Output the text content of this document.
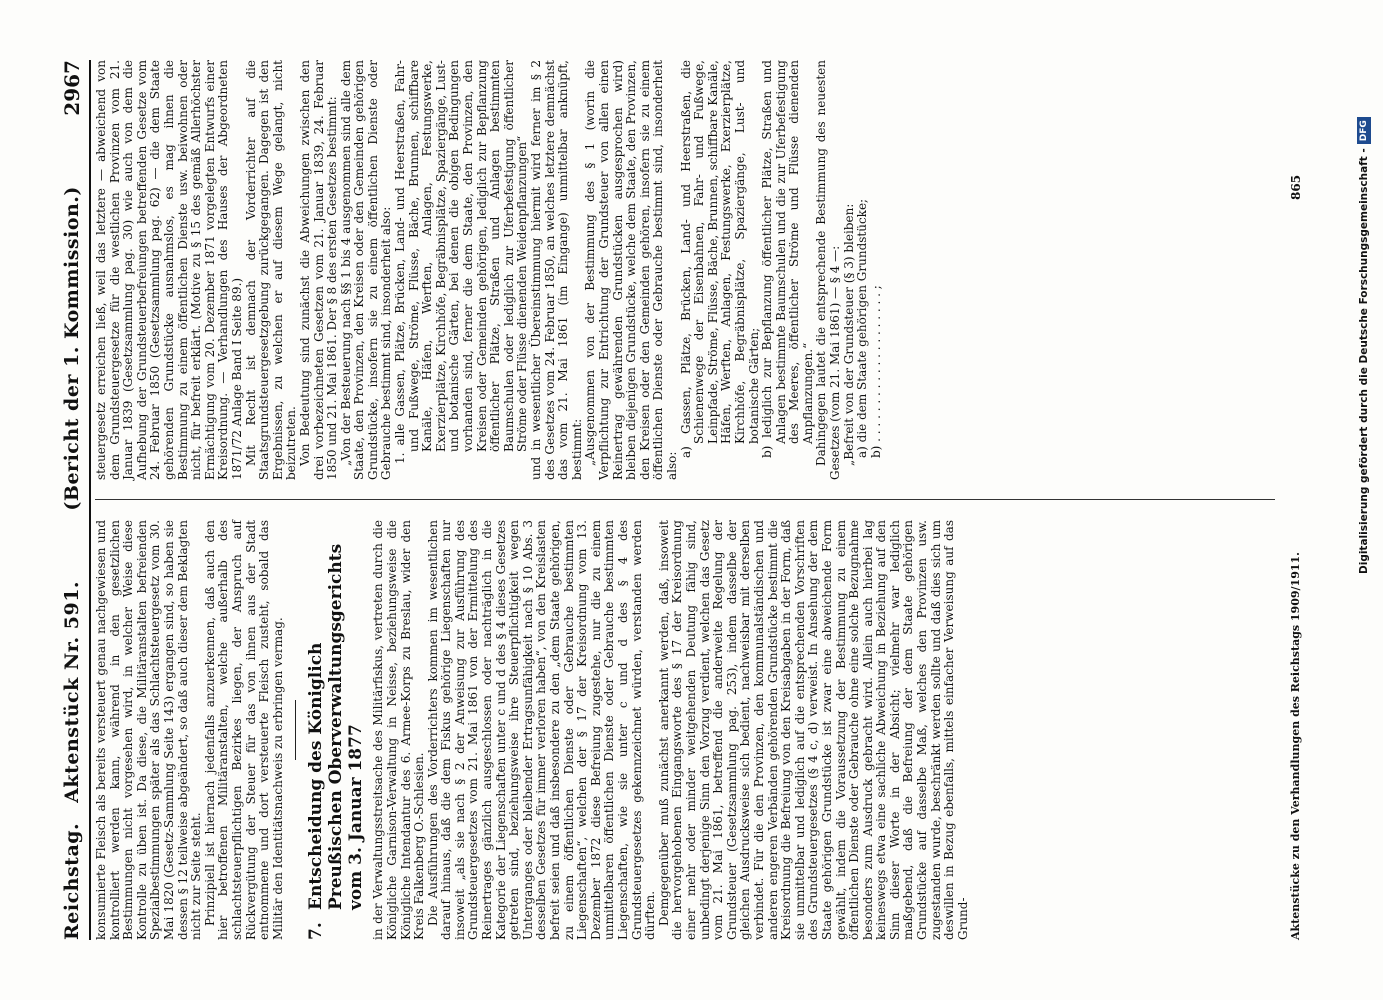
Reichstag.
Aktenstück Nr. 591.
(Bericht der 1. Kommission.)
2967

konsumierte Fleisch als bereits versteuert genau nachgewiesen und kontrolliert werden kann, während in den gesetzlichen Bestimmungen nicht vorgesehen wird, in welcher Weise diese Kontrolle zu üben ist. Da diese, die Militäranstalten befreienden Spezialbestimmungen später als das Schlachtsteuergesetz vom 30. Mai 1820 (Gesetz-Sammlung Seite 143) ergangen sind, so haben sie dessen § 12 teilweise abgeändert, so daß auch dieser dem Beklagten nicht zur Seite steht. Prinzipiell ist hiernach jedenfalls anzuerkennen, daß auch den hier betroffenen Militäranstalten, welche außerhalb des schlachtsteuerpflichtigen Bezirkes liegen, der Anspruch auf Rückvergütung der Steuer für das von ihnen aus der Stadt entnommene und dort versteuerte Fleisch zusteht, sobald das Militär den Identitätsnachweis zu erbringen vermag. 7.Entscheidung des Königlich Preußischen Oberverwaltungsgerichts vom 3. Januar 1877 in der Verwaltungsstreitsache des Militärfiskus, vertreten durch die Königliche Garnison-Verwaltung in Neisse, beziehungsweise die Königliche Intendantur des 6. Armee-Korps zu Breslau, wider den Kreis Falkenberg O.-Schlesien. Die Ausführungen des Vorderrichters kommen im wesentlichen darauf hinaus, daß die dem Fiskus gehörige Liegenschaften nur insoweit „als sie nach § 2 der Anweisung zur Ausführung des Grundsteuergesetzes vom 21. Mai 1861 von der Ermittelung des Reinertrages gänzlich ausgeschlossen oder nachträglich in die Kategorie der Liegenschaften unter c und d des § 4 dieses Gesetzes getreten sind, beziehungsweise ihre Steuerpflichtigkeit wegen Unterganges oder bleibender Ertragsunfähigkeit nach § 10 Abs. 3 desselben Gesetzes für immer verloren haben“, von den Kreislasten befreit seien und daß insbesondere zu den „dem Staate gehörigen, zu einem öffentlichen Dienste oder Gebrauche bestimmten Liegenschaften“, welchen der § 17 der Kreisordnung vom 13. Dezember 1872 diese Befreiung zugestehe, nur die zu einem unmittelbaren öffentlichen Dienste oder Gebrauche bestimmten Liegenschaften, wie sie unter c und d des § 4 des Grundsteuergesetzes gekennzeichnet würden, verstanden werden dürften. Demgegenüber muß zunächst anerkannt werden, daß, insoweit die hervorgehobenen Eingangsworte des § 17 der Kreisordnung einer mehr oder minder weitgehenden Deutung fähig sind, unbedingt derjenige Sinn den Vorzug verdient, welchen das Gesetz vom 21. Mai 1861, betreffend die anderweite Regelung der Grundsteuer (Gesetzsammlung pag. 253), indem dasselbe der gleichen Ausdrucksweise sich bedient, nachweisbar mit derselben verbindet. Für die den Provinzen, den kommunalständischen und anderen engeren Verbänden gehörenden Grundstücke bestimmt die Kreisordnung die Befreiung von den Kreisabgaben in der Form, daß sie unmittelbar und lediglich auf die entsprechenden Vorschriften des Grundsteuergesetzes (§ 4 c, d) verweist. In Ansehung der dem Staate gehörigen Grundstücke ist zwar eine abweichende Form gewählt, indem die Voraussetzung der Bestimmung zu einem öffentlichen Dienste oder Gebrauche ohne eine solche Bezugnahme besonders zum Ausdruck gebracht wird. Allein auch hierbei lag keineswegs etwa eine sachliche Abweichung in Beziehung auf den Sinn dieser Worte in der Absicht; vielmehr war lediglich maßgebend, daß die Befreiung der dem Staate gehörigen Grundstücke auf dasselbe Maß, welches den Provinzen usw. zugestanden wurde, beschränkt werden sollte und daß dies sich um deswillen in Bezug ebenfalls, mittels einfacher Verweisung auf das Grund-

steuergesetz erreichen ließ, weil das letztere — abweichend von dem Grundsteuergesetze für die westlichen Provinzen vom 21. Januar 1839 (Gesetzsammlung pag. 30) wie auch von dem die Aufhebung der Grundsteuerbefreiungen betreffenden Gesetze vom 24. Februar 1850 (Gesetzsammlung pag. 62) — die dem Staate gehörenden Grundstücke ausnahmslos, es mag ihnen die Bestimmung zu einem öffentlichen Dienste usw. beiwohnen oder nicht, für befreit erklärt. (Motive zu § 15 des gemäß Allerhöchster Ermächtigung vom 20. Dezember 1871 vorgelegten Entwurfs einer Kreisordnung. — Verhandlungen des Hauses der Abgeordneten 1871/72 Anlage Band I Seite 89.) Mit Recht ist demnach der Vorderrichter auf die Staatsgrundsteuergesetzgebung zurückgegangen. Dagegen ist den Ergebnissen, zu welchen er auf diesem Wege gelangt, nicht beizutreten. Von Bedeutung sind zunächst die Abweichungen zwischen den drei vorbezeichneten Gesetzen vom 21. Januar 1839, 24. Februar 1850 und 21. Mai 1861. Der § 8 des ersten Gesetzes bestimmt: „Von der Besteuerung nach §§ 1 bis 4 ausgenommen sind alle dem Staate, den Provinzen, den Kreisen oder den Gemeinden gehörigen Grundstücke, insofern sie zu einem öffentlichen Dienste oder Gebrauche bestimmt sind, insonderheit also: 1. alle Gassen, Plätze, Brücken, Land- und Heerstraßen, Fahr- und Fußwege, Ströme, Flüsse, Bäche, Brunnen, schiffbare Kanäle, Häfen, Werften, Anlagen, Festungswerke, Exerzierplätze, Kirchhöfe, Begräbnisplätze, Spaziergänge, Lust- und botanische Gärten, bei denen die obigen Bedingungen vorhanden sind, ferner die dem Staate, den Provinzen, den Kreisen oder Gemeinden gehörigen, lediglich zur Bepflanzung öffentlicher Plätze, Straßen und Anlagen bestimmten Baumschulen oder lediglich zur Uferbefestigung öffentlicher Ströme oder Flüsse dienenden Weidenpflanzungen“ und in wesentlicher Übereinstimmung hiermit wird ferner im § 2 des Gesetzes vom 24. Februar 1850, an welches letztere demnächst das vom 21. Mai 1861 (im Eingange) unmittelbar anknüpft, bestimmt: „Ausgenommen von der Bestimmung des § 1 (worin die Verpflichtung zur Entrichtung der Grundsteuer von allen einen Reinertrag gewährenden Grundstücken ausgesprochen wird) bleiben diejenigen Grundstücke, welche dem Staate, den Provinzen, den Kreisen oder den Gemeinden gehören, insofern sie zu einem öffentlichen Dienste oder Gebrauche bestimmt sind, insonderheit also:

a) Gassen, Plätze, Brücken, Land- und Heerstraßen, die Schienenwege der Eisenbahnen, Fahr- und Fußwege, Leinpfade, Ströme, Flüsse, Bäche, Brunnen, schiffbare Kanäle, Häfen, Werften, Anlagen, Festungswerke, Exerzierplätze, Kirchhöfe, Begräbnisplätze, Spaziergänge, Lust- und botanische Gärten; b) lediglich zur Bepflanzung öffentlicher Plätze, Straßen und Anlagen bestimmte Baumschulen und die zur Uferbefestigung des Meeres, öffentlicher Ströme und Flüsse dienenden Anpflanzungen.“ Dahingegen lautet die entsprechende Bestimmung des neuesten Gesetzes (vom 21. Mai 1861) — § 4 —: „Befreit von der Grundsteuer (§ 3) bleiben: a) die dem Staate gehörigen Grundstücke; b) . . . . . . . . . . . . . . . . . . . . ;

Aktenstücke zu den Verhandlungen des Reichstags 1909/1911.
865	Digitalisierung gefördert durch die Deutsche Forschungsgemeinschaft -
DFG
